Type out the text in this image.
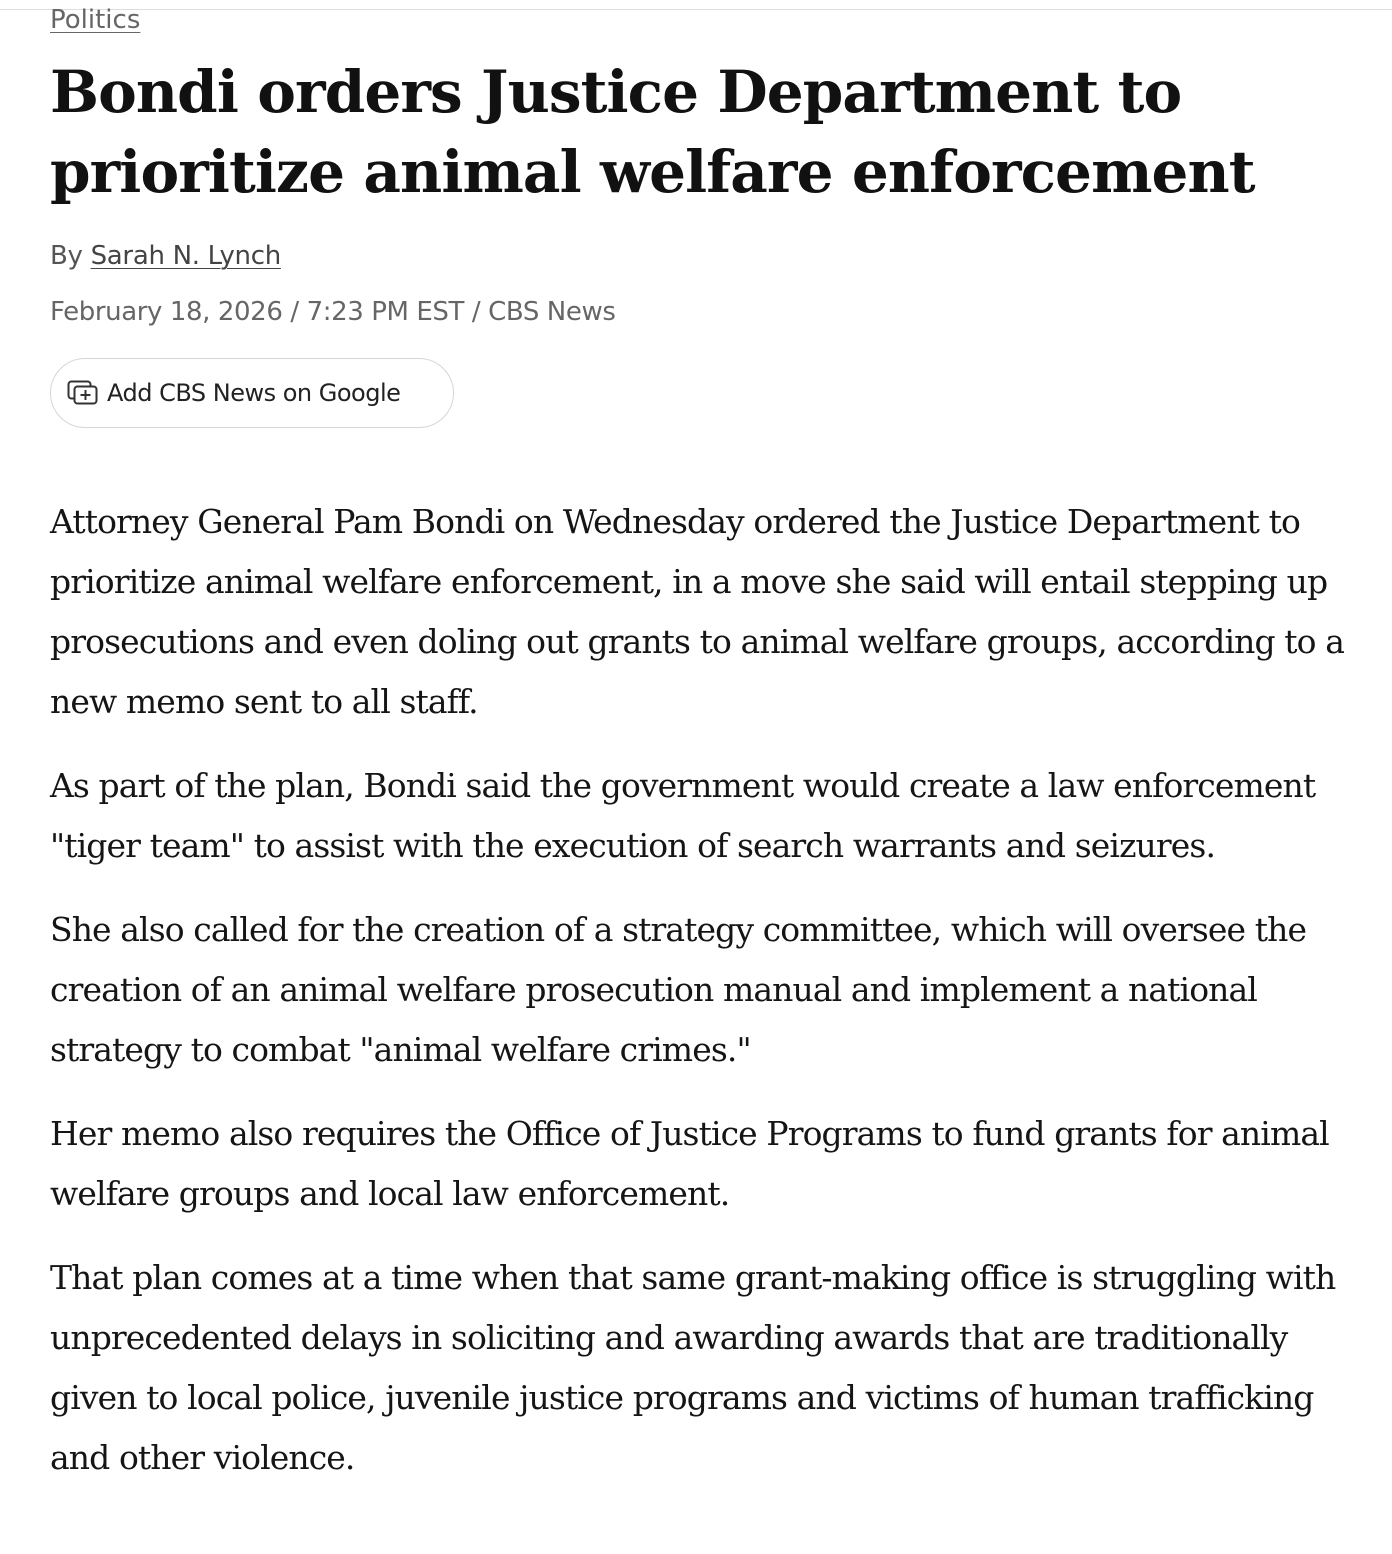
Politics
Bondi orders Justice Department to prioritize animal welfare enforcement
By Sarah N. Lynch
February 18, 2026 / 7:23 PM EST / CBS News
Add CBS News on Google

Attorney General Pam Bondi on Wednesday ordered the Justice Department to prioritize animal welfare enforcement, in a move she said will entail stepping up prosecutions and even doling out grants to animal welfare groups, according to a new memo sent to all staff.

As part of the plan, Bondi said the government would create a law enforcement "tiger team" to assist with the execution of search warrants and seizures.

She also called for the creation of a strategy committee, which will oversee the creation of an animal welfare prosecution manual and implement a national strategy to combat "animal welfare crimes."

Her memo also requires the Office of Justice Programs to fund grants for animal welfare groups and local law enforcement.

That plan comes at a time when that same grant-making office is struggling with unprecedented delays in soliciting and awarding awards that are traditionally given to local police, juvenile justice programs and victims of human trafficking and other violence.
